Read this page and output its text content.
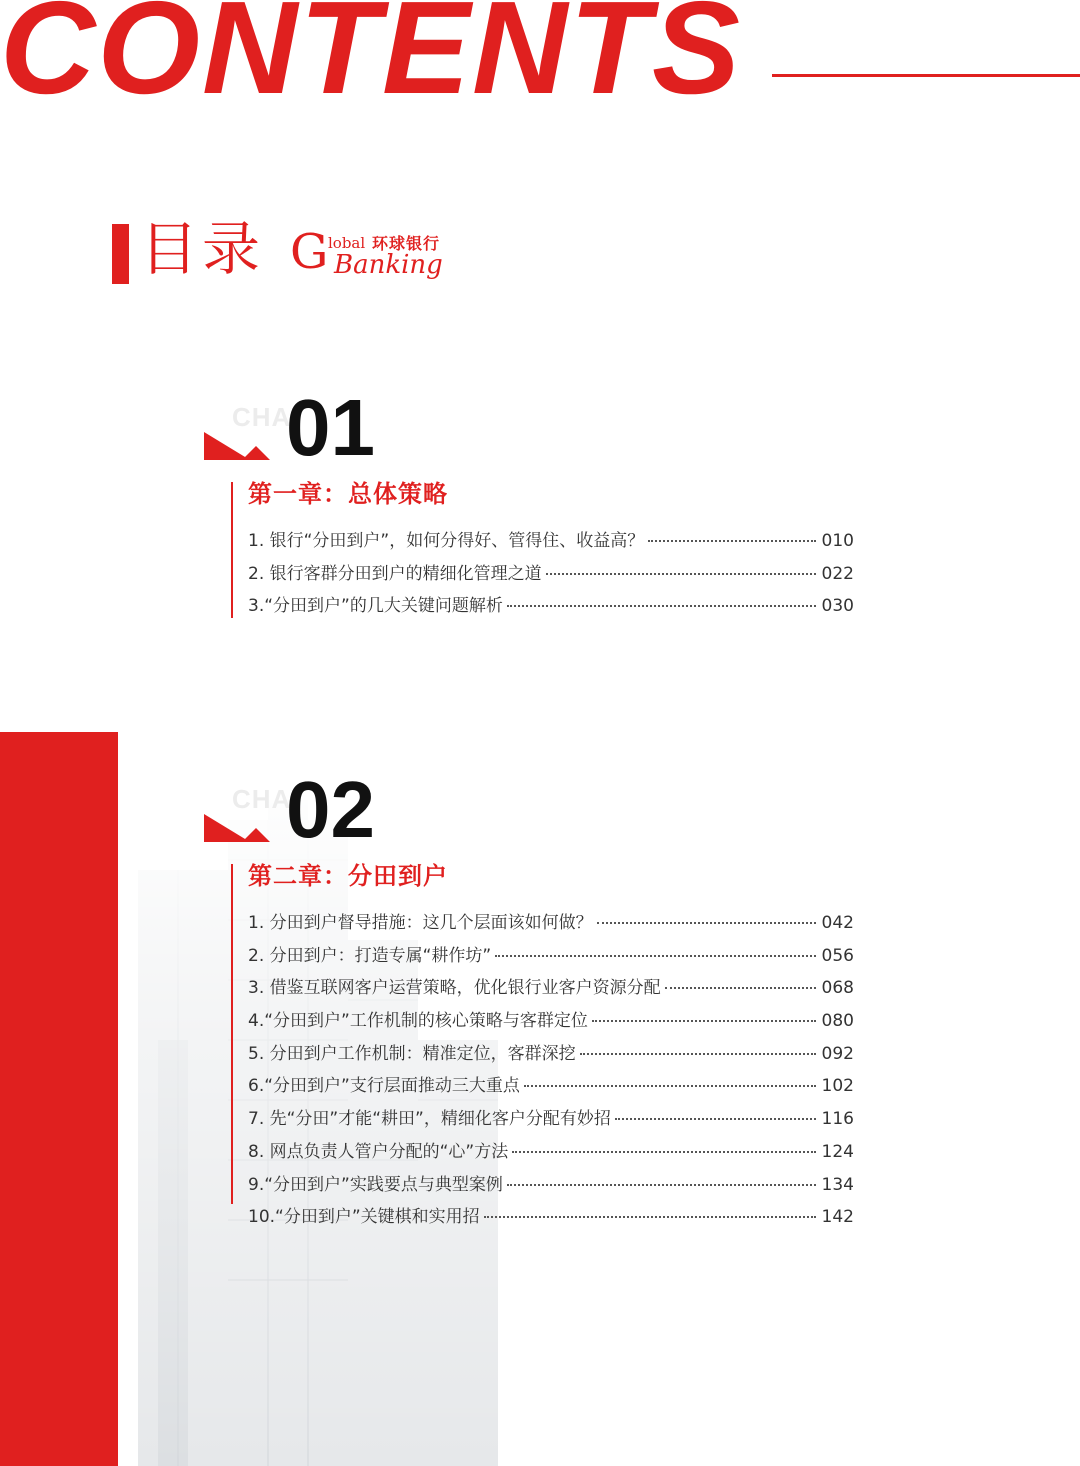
CONTENTS
目录 G lobal 环球银行
Banking
CHA
01
第一章：总体策略
1. 银行“分田到户”，如何分得好、管得住、收益高？	010
2. 银行客群分田到户的精细化管理之道	022
3.“分田到户”的几大关键问题解析	030
CHA
02
第二章：分田到户
1. 分田到户督导措施：这几个层面该如何做？	042
2. 分田到户：打造专属“耕作坊”	056
3. 借鉴互联网客户运营策略，优化银行业客户资源分配	068
4.“分田到户”工作机制的核心策略与客群定位	080
5. 分田到户工作机制：精准定位，客群深挖	092
6.“分田到户”支行层面推动三大重点	102
7. 先“分田”才能“耕田”，精细化客户分配有妙招	116
8. 网点负责人管户分配的“心”方法	124
9.“分田到户”实践要点与典型案例	134
10.“分田到户”关键棋和实用招	142
